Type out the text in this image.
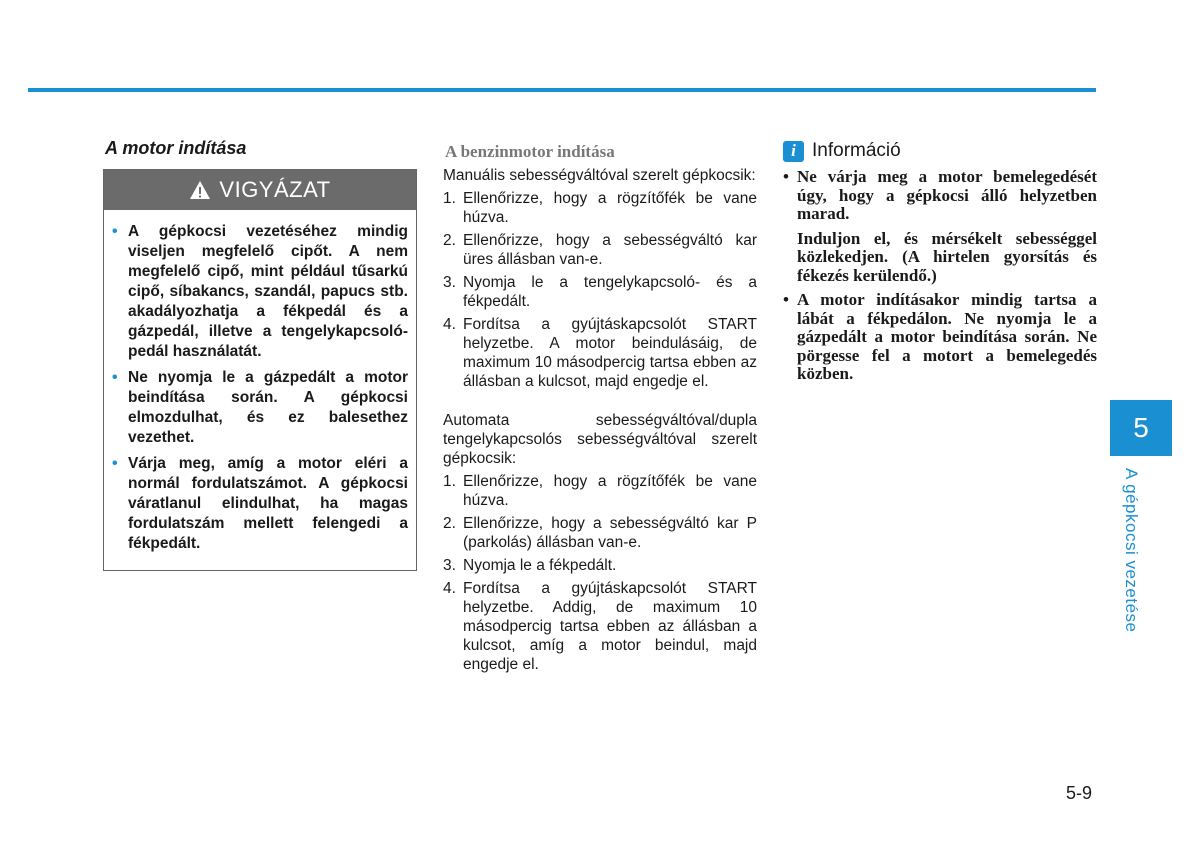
A motor indítása
VIGYÁZAT
• A gépkocsi vezetéséhez mindig viseljen megfelelő cipőt. A nem megfelelő cipő, mint például tűsarkú cipő, síbakancs, szandál, papucs stb. akadályozhatja a fékpedál és a gázpedál, illetve a tengelykapcsoló-pedál használatát.
• Ne nyomja le a gázpedált a motor beindítása során. A gépkocsi elmozdulhat, és ez balesethez vezethet.
• Várja meg, amíg a motor eléri a normál fordulatszámot. A gépkocsi váratlanul elindulhat, ha magas fordulatszám mellett felengedi a fékpedált.
A benzinmotor indítása

Manuális sebességváltóval szerelt gépkocsik:

1. Ellenőrizze, hogy a rögzítőfék be vane húzva.
2. Ellenőrizze, hogy a sebességváltó kar üres állásban van-e.
3. Nyomja le a tengelykapcsoló- és a fékpedált.
4. Fordítsa a gyújtáskapcsolót START helyzetbe. A motor beindulásáig, de maximum 10 másodpercig tartsa ebben az állásban a kulcsot, majd engedje el.

Automata sebességváltóval/dupla tengelykapcsolós sebességváltóval szerelt gépkocsik:

1. Ellenőrizze, hogy a rögzítőfék be vane húzva.
2. Ellenőrizze, hogy a sebességváltó kar P (parkolás) állásban van-e.
3. Nyomja le a fékpedált.
4. Fordítsa a gyújtáskapcsolót START helyzetbe. Addig, de maximum 10 másodpercig tartsa ebben az állásban a kulcsot, amíg a motor beindul, majd engedje el.
i Információ
• Ne várja meg a motor bemelegedését úgy, hogy a gépkocsi álló helyzetben marad.
Induljon el, és mérsékelt sebességgel közlekedjen. (A hirtelen gyorsítás és fékezés kerülendő.)
• A motor indításakor mindig tartsa a lábát a fékpedálon. Ne nyomja le a gázpedált a motor beindítása során. Ne pörgesse fel a motort a bemelegedés közben.
5
A gépkocsi vezetése
5-9
